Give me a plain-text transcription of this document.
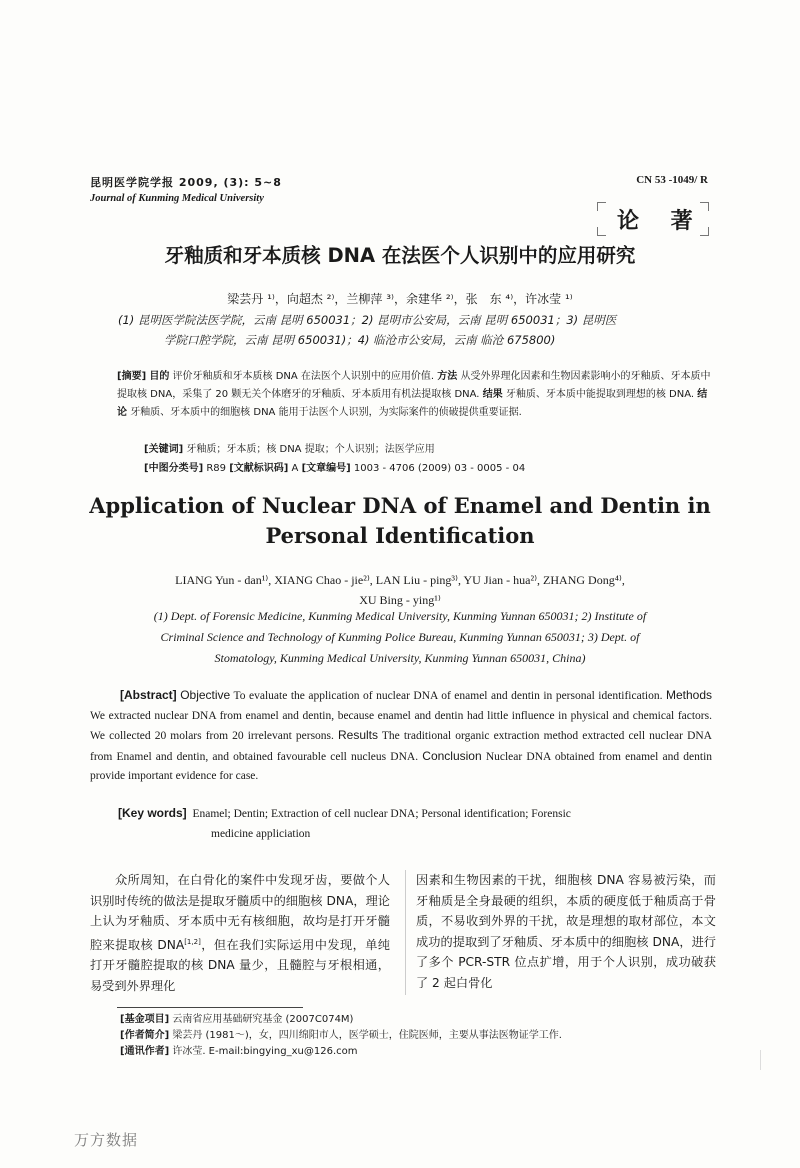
昆明医学院学报 2009, (3): 5~8
Journal of Kunming Medical University
CN 53 -1049/ R
论 著
牙釉质和牙本质核 DNA 在法医个人识别中的应用研究
梁芸丹 ¹⁾，向超杰 ²⁾，兰柳萍 ³⁾，余建华 ²⁾，张　东 ⁴⁾，许冰莹 ¹⁾
(1) 昆明医学院法医学院，云南 昆明 650031；2) 昆明市公安局，云南 昆明 650031；3) 昆明医
学院口腔学院，云南 昆明 650031)；4) 临沧市公安局，云南 临沧 675800)
[摘要] 目的 评价牙釉质和牙本质核 DNA 在法医个人识别中的应用价值. 方法 从受外界理化因素和生物因素影响小的牙釉质、牙本质中提取核 DNA，采集了 20 颗无关个体磨牙的牙釉质、牙本质用有机法提取核 DNA. 结果 牙釉质、牙本质中能提取到理想的核 DNA. 结论 牙釉质、牙本质中的细胞核 DNA 能用于法医个人识别，为实际案件的侦破提供重要证据.
[关键词] 牙釉质；牙本质；核 DNA 提取；个人识别；法医学应用
[中图分类号] R89 [文献标识码] A [文章编号] 1003 - 4706 (2009) 03 - 0005 - 04
Application of Nuclear DNA of Enamel and Dentin in Personal Identification
LIANG Yun - dan¹⁾, XIANG Chao - jie²⁾, LAN Liu - ping³⁾, YU Jian - hua²⁾, ZHANG Dong⁴⁾,
XU Bing - ying¹⁾
(1) Dept. of Forensic Medicine, Kunming Medical University, Kunming Yunnan 650031; 2) Institute of
Criminal Science and Technology of Kunming Police Bureau, Kunming Yunnan 650031; 3) Dept. of
Stomatology, Kunming Medical University, Kunming Yunnan 650031, China)
[Abstract] Objective To evaluate the application of nuclear DNA of enamel and dentin in personal identification. Methods We extracted nuclear DNA from enamel and dentin, because enamel and dentin had little influence in physical and chemical factors. We collected 20 molars from 20 irrelevant persons. Results The traditional organic extraction method extracted cell nuclear DNA from Enamel and dentin, and obtained favourable cell nucleus DNA. Conclusion Nuclear DNA obtained from enamel and dentin provide important evidence for case.
[Key words] Enamel; Dentin; Extraction of cell nuclear DNA; Personal identification; Forensic
medicine appliciation
众所周知，在白骨化的案件中发现牙齿，要做个人识别时传统的做法是提取牙髓质中的细胞核 DNA，理论上认为牙釉质、牙本质中无有核细胞，故均是打开牙髓腔来提取核 DNA[1,2]，但在我们实际运用中发现，单纯打开牙髓腔提取的核 DNA 量少，且髓腔与牙根相通，易受到外界理化
因素和生物因素的干扰，细胞核 DNA 容易被污染，而牙釉质是全身最硬的组织，本质的硬度低于釉质高于骨质，不易收到外界的干扰，故是理想的取材部位，本文成功的提取到了牙釉质、牙本质中的细胞核 DNA，进行了多个 PCR-STR 位点扩增，用于个人识别，成功破获了 2 起白骨化
[基金项目] 云南省应用基础研究基金 (2007C074M)
[作者简介] 梁芸丹 (1981～)，女，四川绵阳市人，医学硕士，住院医师，主要从事法医物证学工作.
[通讯作者] 许冰莹. E-mail:bingying_xu@126.com
万方数据
